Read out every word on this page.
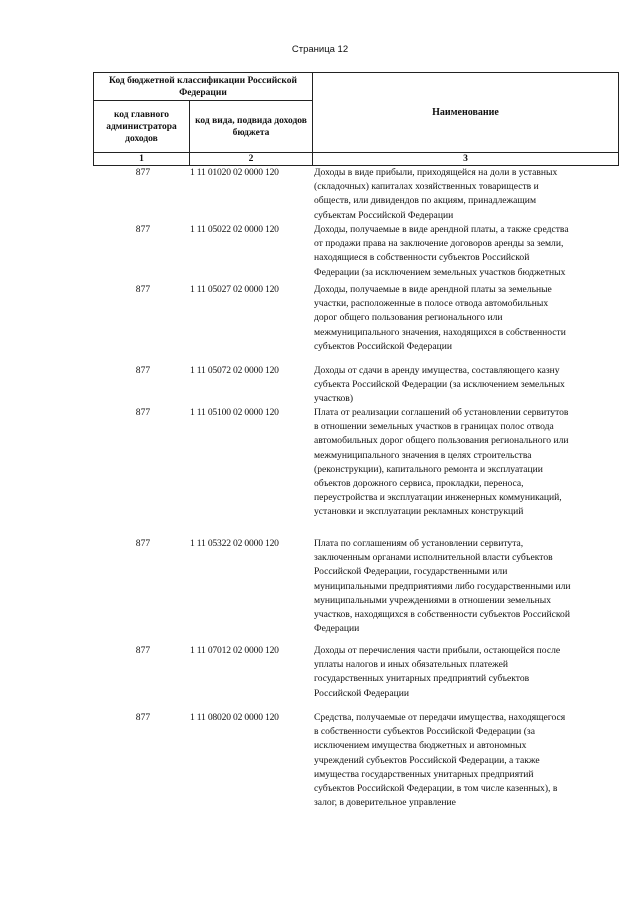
Страница 12
Код бюджетной классификации Российской Федерации
код главного администратора доходов
код вида, подвида доходов бюджета
Наименование
1	2	3
877	1 11 01020 02 0000 120	Доходы в виде прибыли, приходящейся на доли в уставных
(складочных) капиталах хозяйственных товариществ и
обществ, или дивидендов по акциям, принадлежащим
субъектам Российской Федерации
877	1 11 05022 02 0000 120	Доходы, получаемые в виде арендной платы, а также средства
от продажи права на заключение договоров аренды за земли,
находящиеся в собственности субъектов Российской
Федерации (за исключением земельных участков бюджетных
877	1 11 05027 02 0000 120	Доходы, получаемые в виде арендной платы за земельные
участки, расположенные в полосе отвода автомобильных
дорог общего пользования регионального или
межмуниципального значения, находящихся в собственности
субъектов Российской Федерации
877	1 11 05072 02 0000 120	Доходы от сдачи в аренду имущества, составляющего казну
субъекта Российской Федерации (за исключением земельных
участков)
877	1 11 05100 02 0000 120	Плата от реализации соглашений об установлении сервитутов
в отношении земельных участков в границах полос отвода
автомобильных дорог общего пользования регионального или
межмуниципального значения в целях строительства
(реконструкции), капитального ремонта и эксплуатации
объектов дорожного сервиса, прокладки, переноса,
переустройства и эксплуатации инженерных коммуникаций,
установки и эксплуатации рекламных конструкций
877	1 11 05322 02 0000 120	Плата по соглашениям об установлении сервитута,
заключенным органами исполнительной власти субъектов
Российской Федерации, государственными или
муниципальными предприятиями либо государственными или
муниципальными учреждениями в отношении земельных
участков, находящихся в собственности субъектов Российской
Федерации
877	1 11 07012 02 0000 120	Доходы от перечисления части прибыли, остающейся после
уплаты налогов и иных обязательных платежей
государственных унитарных предприятий субъектов
Российской Федерации
877	1 11 08020 02 0000 120	Средства, получаемые от передачи имущества, находящегося
в собственности субъектов Российской Федерации (за
исключением имущества бюджетных и автономных
учреждений субъектов Российской Федерации, а также
имущества государственных унитарных предприятий
субъектов Российской Федерации, в том числе казенных), в
залог, в доверительное управление
